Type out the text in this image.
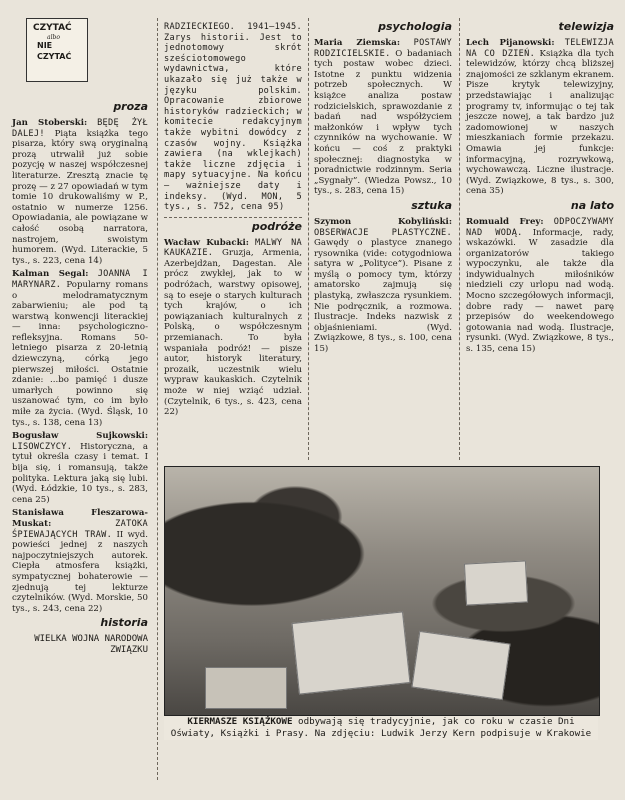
CZYTAĆ
albo
NIE CZYTAĆ
proza

Jan Stoberski: BĘDĘ ŻYŁ DALEJ! Piąta książka tego pisarza, który swą oryginalną prozą utrwalił już sobie pozycję w naszej współczesnej literaturze. Zresztą znacie tę prozę — z 27 opowiadań w tym tomie 10 drukowaliśmy w P., ostatnio w numerze 1256. Opowiadania, ale powiązane w całość osobą narratora, nastrojem, swoistym humorem. (Wyd. Literackie, 5 tys., s. 223, cena 14)

Kalman Segal: JOANNA I MARYNARZ. Popularny romans o melodramatycznym zabarwieniu; ale pod tą warstwą konwencji literackiej — inna: psychologiczno-refleksyjna. Romans 50-letniego pisarza z 20-letnią dziewczyną, córką jego pierwszej miłości. Ostatnie zdanie: ...bo pamięć i dusze umarłych powinno się uszanować tym, co im było miłe za życia. (Wyd. Śląsk, 10 tys., s. 138, cena 13)

Bogusław Sujkowski: LISOWCZYCY. Historyczna, a tytuł określa czasy i temat. I bija się, i romansują, także polityka. Lektura jaką się lubi. (Wyd. Łódzkie, 10 tys., s. 283, cena 25)

Stanisława Fleszarowa-Muskat:	ZATOKA ŚPIEWAJĄCYCH TRAW. II wyd. powieści jednej z naszych najpoczytniejszych autorek. Ciepła atmosfera książki, sympatycznej bohaterowie — zjednują tej lekturze czytelników. (Wyd. Morskie, 50 tys., s. 243, cena 22)

historia
WIELKA WOJNA NARODOWA ZWIĄZKU

RADZIECKIEGO. 1941—1945. Zarys historii. Jest to jednotomowy skrót sześciotomowego wydawnictwa, które ukazało się już także w języku polskim. Opracowanie zbiorowe historyków radzieckich; w komitecie redakcyjnym także wybitni dowódcy z czasów wojny. Książka zawiera (na wklejkach) także liczne zdjęcia i mapy sytuacyjne. Na końcu — ważniejsze daty i indeksy. (Wyd. MON, 5 tys., s. 752, cena 95)

podróże

Wacław Kubacki: MALWY NA KAUKAZIE. Gruzja, Armenia, Azerbejdżan, Dagestan. Ale prócz zwykłej, jak to w podróżach, warstwy opisowej, są to eseje o starych kulturach tych krajów, o ich powiązaniach kulturalnych z Polską, o współczesnym przemianach. To była wspaniała podróż! — pisze autor, historyk literatury, prozaik, uczestnik wielu wypraw kaukaskich. Czytelnik może w niej wziąć udział. (Czytelnik, 6 tys., s. 423, cena 22)

psychologia

Maria Ziemska: POSTAWY RODZICIELSKIE. O badaniach tych postaw wobec dzieci. Istotne z punktu widzenia potrzeb społecznych. W książce analiza postaw rodzicielskich, sprawozdanie z badań nad współżyciem małżonków i wpływ tych czynników na wychowanie. W końcu — coś z praktyki społecznej: diagnostyka w poradnictwie rodzinnym. Seria „Sygnały”. (Wiedza Powsz., 10 tys., s. 283, cena 15)

sztuka

Szymon Kobyliński: OBSERWACJE PLASTYCZNE. Gawędy o plastyce znanego rysownika (vide: cotygodniowa satyra w „Polityce”). Pisane z myślą o pomocy tym, którzy amatorsko zajmują się plastyką, zwłaszcza rysunkiem. Nie podręcznik, a rozmowa. Ilustracje. Indeks nazwisk z objaśnieniami. (Wyd. Związkowe, 8 tys., s. 100, cena 15)

telewizja

Lech Pijanowski: TELEWIZJA NA CO DZIEŃ. Książka dla tych telewidzów, którzy chcą bliższej znajomości ze szklanym ekranem. Pisze krytyk telewizyjny, przedstawiając i analizując programy tv, informując o tej tak jeszcze nowej, a tak bardzo już zadomowionej w naszych mieszkaniach formie przekazu. Omawia jej funkcje: informacyjną, rozrywkową, wychowawczą. Liczne ilustracje. (Wyd. Związkowe, 8 tys., s. 300, cena 35)

na lato

Romuald Frey: ODPOCZYWAMY NAD WODĄ. Informacje, rady, wskazówki. W zasadzie dla organizatorów takiego wypoczynku, ale także dla indywidualnych miłośników niedzieli czy urlopu nad wodą. Mocno szczegółowych informacji, dobre rady — nawet parę przepisów do weekendowego gotowania nad wodą. Ilustracje, rysunki. (Wyd. Związkowe, 8 tys., s. 135, cena 15)

KIERMASZE KSIĄŻKOWE odbywają się tradycyjnie, jak co roku w czasie Dni Oświaty, Książki i Prasy. Na zdjęciu: Ludwik Jerzy Kern podpisuje w Krakowie
